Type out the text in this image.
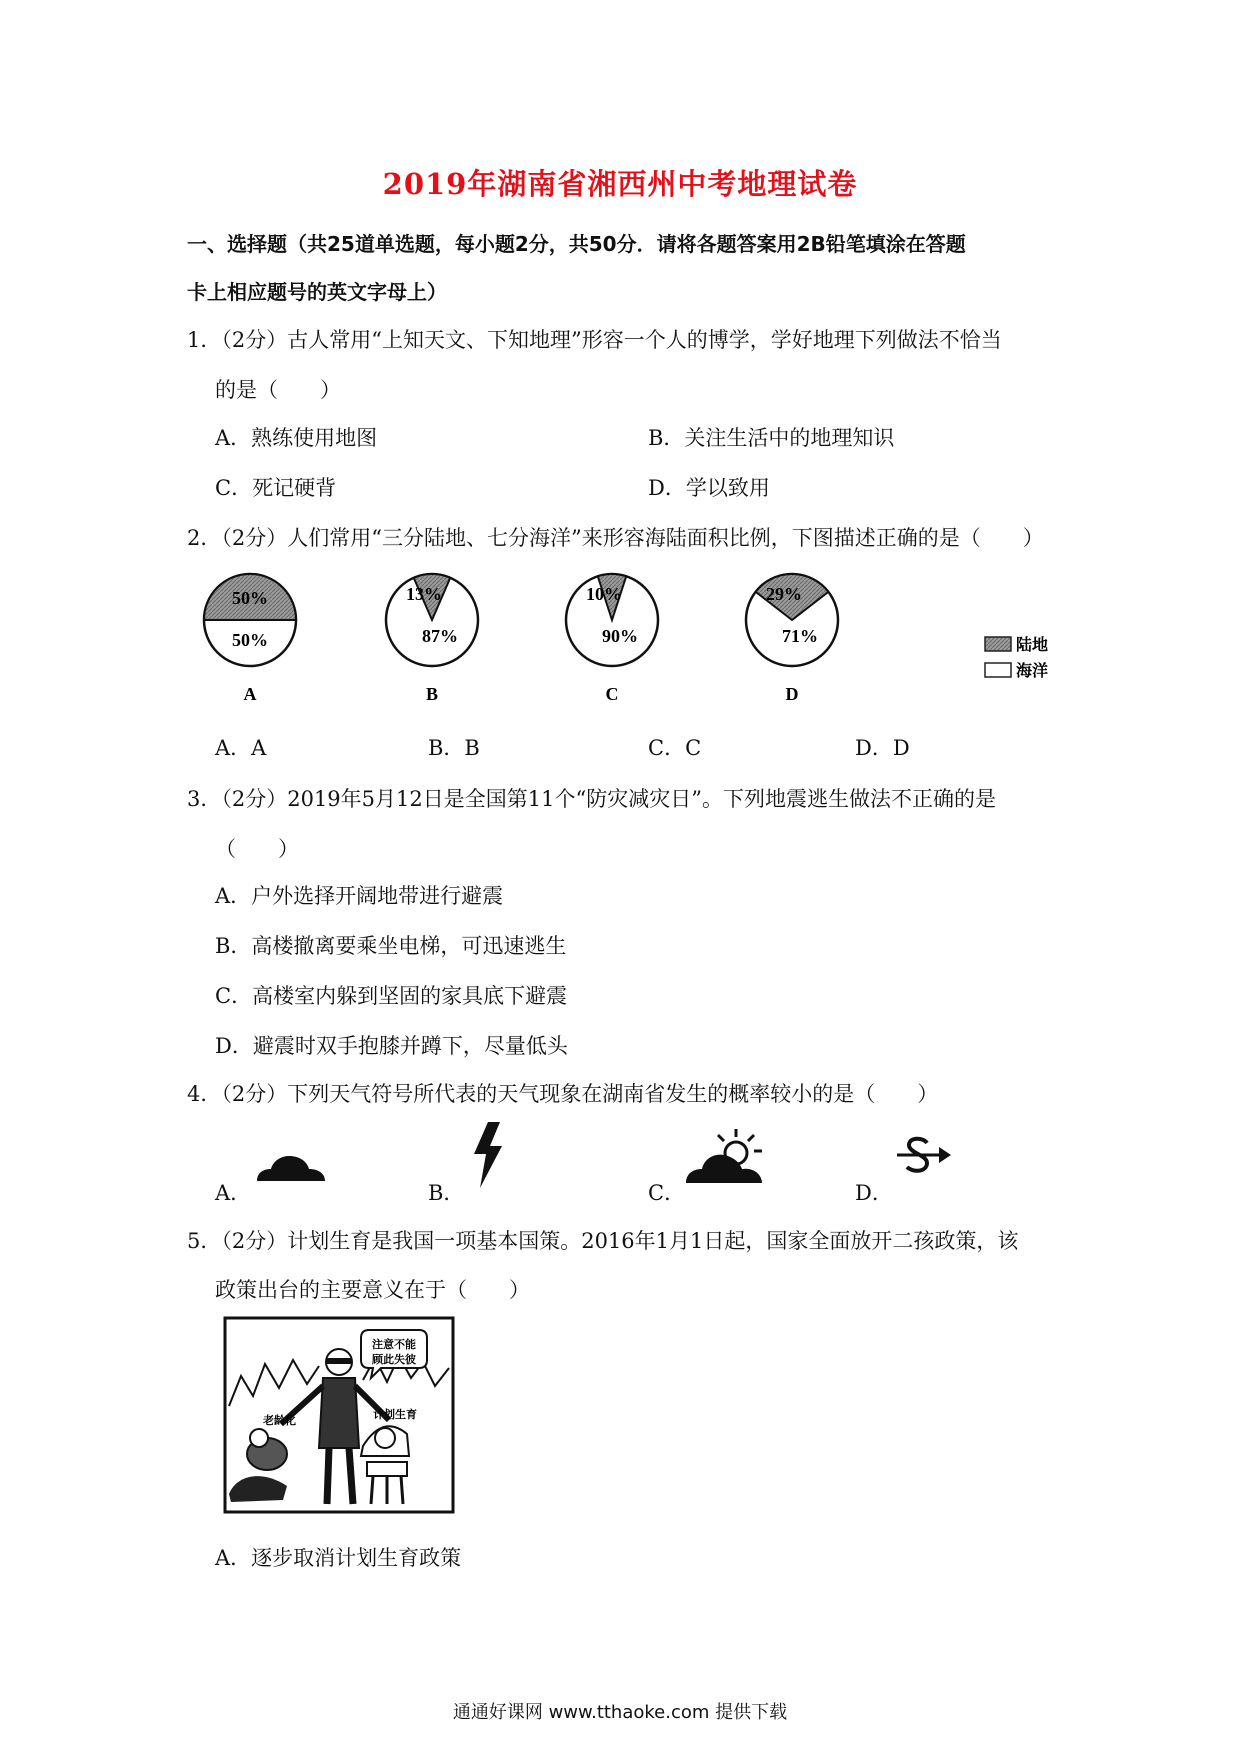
2019年湖南省湘西州中考地理试卷
一、选择题（共25道单选题，每小题2分，共50分．请将各题答案用2B铅笔填涂在答题
卡上相应题号的英文字母上）
1．（2分）古人常用“上知天文、下知地理”形容一个人的博学，学好地理下列做法不恰当
的是（　　）
A．熟练使用地图	B．关注生活中的地理知识
C．死记硬背	D．学以致用
2．（2分）人们常用“三分陆地、七分海洋”来形容海陆面积比例，下图描述正确的是（　　）
50%
50%
A
13%
87%
B
10%
90%
C
29%
71%
D
陆地
海洋
A．A	B．B	C．C	D．D
3．（2分）2019年5月12日是全国第11个“防灾减灾日”。下列地震逃生做法不正确的是
（　　）
A．户外选择开阔地带进行避震
B．高楼撤离要乘坐电梯，可迅速逃生
C．高楼室内躲到坚固的家具底下避震
D．避震时双手抱膝并蹲下，尽量低头
4．（2分）下列天气符号所代表的天气现象在湖南省发生的概率较小的是（　　）
A．	B．	C．	D．
5．（2分）计划生育是我国一项基本国策。2016年1月1日起，国家全面放开二孩政策，该
政策出台的主要意义在于（　　）
注意不能
顾此失彼
老龄化	计划生育
A．逐步取消计划生育政策
通通好课网 www.tthaoke.com 提供下载
